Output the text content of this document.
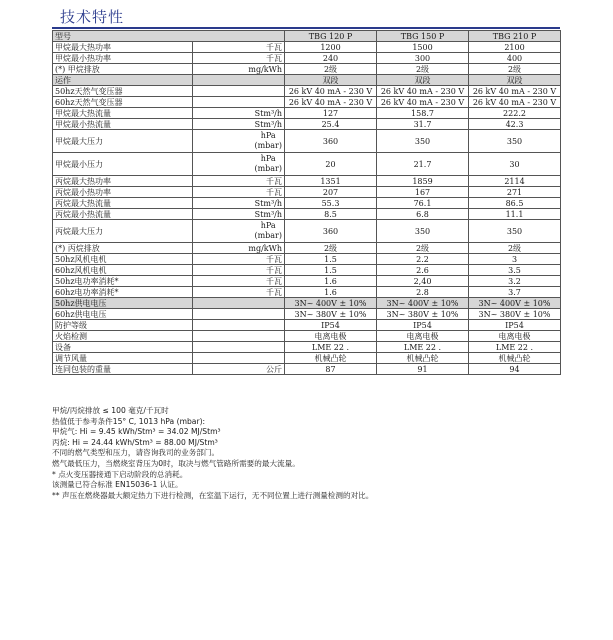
技术特性
型号		TBG 120 P	TBG 150 P	TBG 210 P
甲烷最大热功率	千瓦	1200	1500	2100
甲烷最小热功率	千瓦	240	300	400
(*) 甲烷排放	mg/kWh	2级	2级	2级
运作		双段	双段	双段
50hz天然气变压器		26 kV 40 mA - 230 V	26 kV 40 mA - 230 V	26 kV 40 mA - 230 V
60hz天然气变压器		26 kV 40 mA - 230 V	26 kV 40 mA - 230 V	26 kV 40 mA - 230 V
甲烷最大热流量	Stm³/h	127	158.7	222.2
甲烷最小热流量	Stm³/h	25.4	31.7	42.3
甲烷最大压力	hPa
(mbar)	360	350	350
甲烷最小压力	hPa
(mbar)	20	21.7	30
丙烷最大热功率	千瓦	1351	1859	2114
丙烷最小热功率	千瓦	207	167	271
丙烷最大热流量	Stm³/h	55.3	76.1	86.5
丙烷最小热流量	Stm³/h	8.5	6.8	11.1
丙烷最大压力	hPa
(mbar)	360	350	350
(*) 丙烷排放	mg/kWh	2级	2级	2级
50hz风机电机	千瓦	1.5	2.2	3
60hz风机电机	千瓦	1.5	2.6	3.5
50hz电功率消耗*	千瓦	1.6	2,40	3.2
60hz电功率消耗*	千瓦	1.6	2.8	3.7
50hz供电电压		3N~ 400V ± 10%	3N~ 400V ± 10%	3N~ 400V ± 10%
60hz供电电压		3N~ 380V ± 10%	3N~ 380V ± 10%	3N~ 380V ± 10%
防护等级		IP54	IP54	IP54
火焰检测		电离电极	电离电极	电离电极
设备		LME 22 .	LME 22 .	LME 22 .
调节风量		机械凸轮	机械凸轮	机械凸轮
连同包装的重量	公斤	87	91	94
甲烷/丙烷排放 ≤ 100 毫克/千瓦时
热值低于参考条件15° C, 1013 hPa (mbar):
甲烷气: Hi = 9.45 kWh/Stm³ = 34.02 MJ/Stm³
丙烷: Hi = 24.44 kWh/Stm³ = 88.00 MJ/Stm³
不同的燃气类型和压力，请咨询我司的业务部门。
燃气最低压力，当燃烧室背压为0时，取决与燃气管路所需要的最大流量。
* 点火变压器接通下启动阶段的总消耗。
该测量已符合标准 EN15036-1 认证。
** 声压在燃烧器最大额定热力下进行检测，在室温下运行，无不同位置上进行测量检测的对比。
